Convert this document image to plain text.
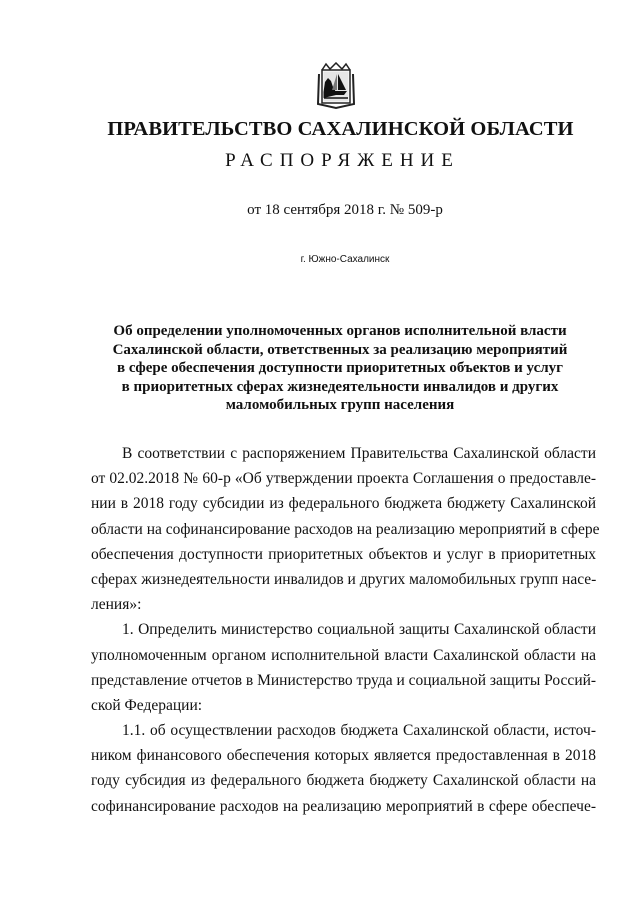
ПРАВИТЕЛЬСТВО САХАЛИНСКОЙ ОБЛАСТИ
РАСПОРЯЖЕНИЕ
от 18 сентября 2018 г. № 509-р
г. Южно-Сахалинск
Об определении уполномоченных органов исполнительной власти
Сахалинской области, ответственных за реализацию мероприятий
в сфере обеспечения доступности приоритетных объектов и услуг
в приоритетных сферах жизнедеятельности инвалидов и других
маломобильных групп населения
В соответствии с распоряжением Правительства Сахалинской области
от 02.02.2018 № 60-р «Об утверждении проекта Соглашения о предоставле-
нии в 2018 году субсидии из федерального бюджета бюджету Сахалинской
области на софинансирование расходов на реализацию мероприятий в сфере
обеспечения доступности приоритетных объектов и услуг в приоритетных
сферах жизнедеятельности инвалидов и других маломобильных групп насе-
ления»:
1. Определить министерство социальной защиты Сахалинской области
уполномоченным органом исполнительной власти Сахалинской области на
представление отчетов в Министерство труда и социальной защиты Россий-
ской Федерации:
1.1. об осуществлении расходов бюджета Сахалинской области, источ-
ником финансового обеспечения которых является предоставленная в 2018
году субсидия из федерального бюджета бюджету Сахалинской области на
софинансирование расходов на реализацию мероприятий в сфере обеспече-
